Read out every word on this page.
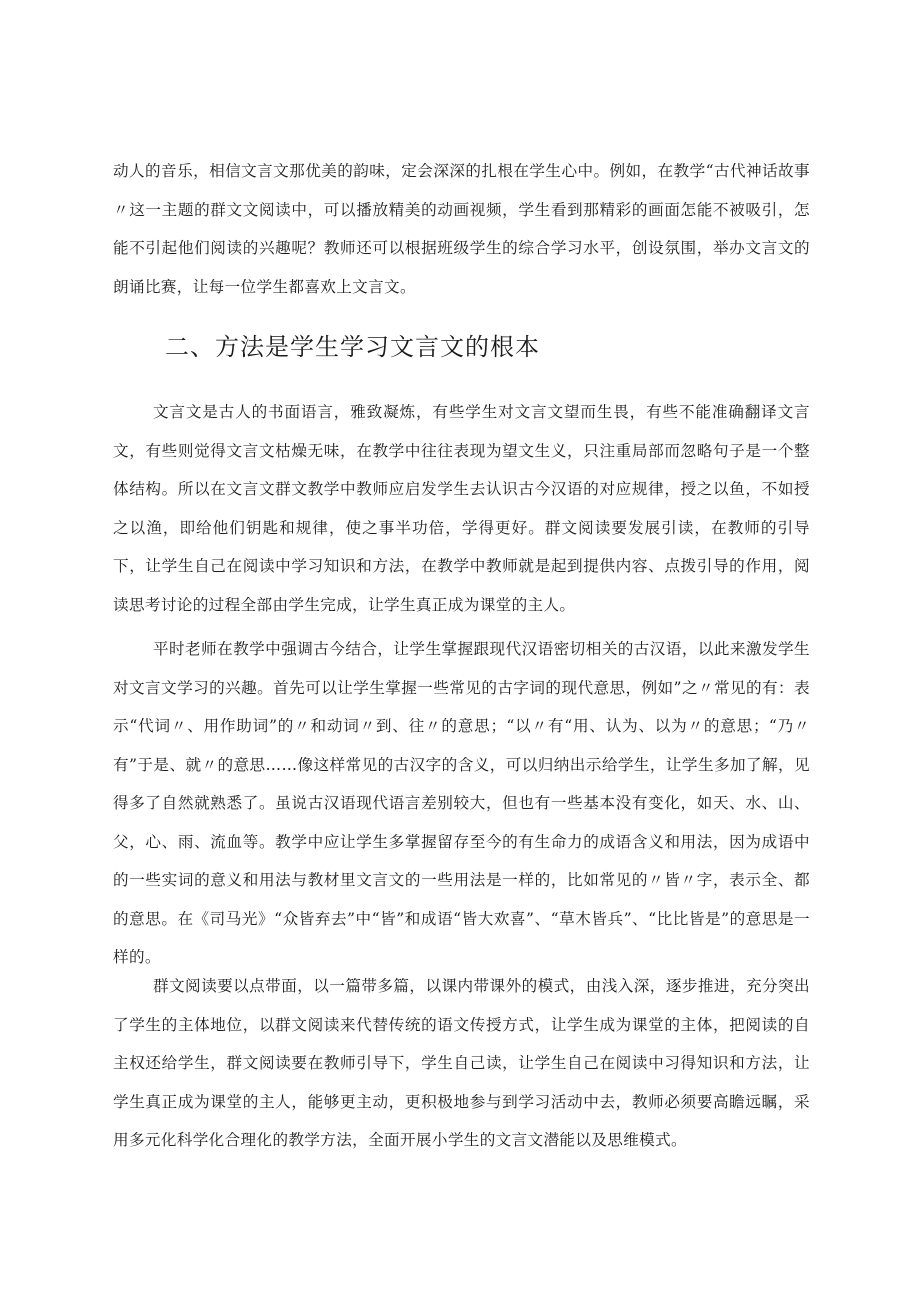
动人的音乐，相信文言文那优美的韵味，定会深深的扎根在学生心中。例如，在教学“古代神话故事〃这一主题的群文文阅读中，可以播放精美的动画视频，学生看到那精彩的画面怎能不被吸引，怎能不引起他们阅读的兴趣呢？教师还可以根据班级学生的综合学习水平，创设氛围，举办文言文的朗诵比赛，让每一位学生都喜欢上文言文。

二、方法是学生学习文言文的根本

文言文是古人的书面语言，雅致凝炼，有些学生对文言文望而生畏，有些不能准确翻译文言文，有些则觉得文言文枯燥无味，在教学中往往表现为望文生义，只注重局部而忽略句子是一个整体结构。所以在文言文群文教学中教师应启发学生去认识古今汉语的对应规律，授之以鱼，不如授之以渔，即给他们钥匙和规律，使之事半功倍，学得更好。群文阅读要发展引读，在教师的引导下，让学生自己在阅读中学习知识和方法，在教学中教师就是起到提供内容、点拨引导的作用，阅读思考讨论的过程全部由学生完成，让学生真正成为课堂的主人。

平时老师在教学中强调古今结合，让学生掌握跟现代汉语密切相关的古汉语，以此来激发学生对文言文学习的兴趣。首先可以让学生掌握一些常见的古字词的现代意思，例如”之〃常见的有：表示“代词〃、用作助词”的〃和动词〃到、往〃的意思；“以〃有“用、认为、以为〃的意思；“乃〃有”于是、就〃的意思……像这样常见的古汉字的含义，可以归纳出示给学生，让学生多加了解，见得多了自然就熟悉了。虽说古汉语现代语言差别较大，但也有一些基本没有变化，如天、水、山、父，心、雨、流血等。教学中应让学生多掌握留存至今的有生命力的成语含义和用法，因为成语中的一些实词的意义和用法与教材里文言文的一些用法是一样的，比如常见的〃皆〃字，表示全、都的意思。在《司马光》“众皆弃去”中“皆”和成语“皆大欢喜”、“草木皆兵”、“比比皆是”的意思是一样的。

群文阅读要以点带面，以一篇带多篇，以课内带课外的模式，由浅入深，逐步推进，充分突出了学生的主体地位，以群文阅读来代替传统的语文传授方式，让学生成为课堂的主体，把阅读的自主权还给学生，群文阅读要在教师引导下，学生自己读，让学生自己在阅读中习得知识和方法，让学生真正成为课堂的主人，能够更主动，更积极地参与到学习活动中去，教师必须要高瞻远瞩，采用多元化科学化合理化的教学方法，全面开展小学生的文言文潜能以及思维模式。
